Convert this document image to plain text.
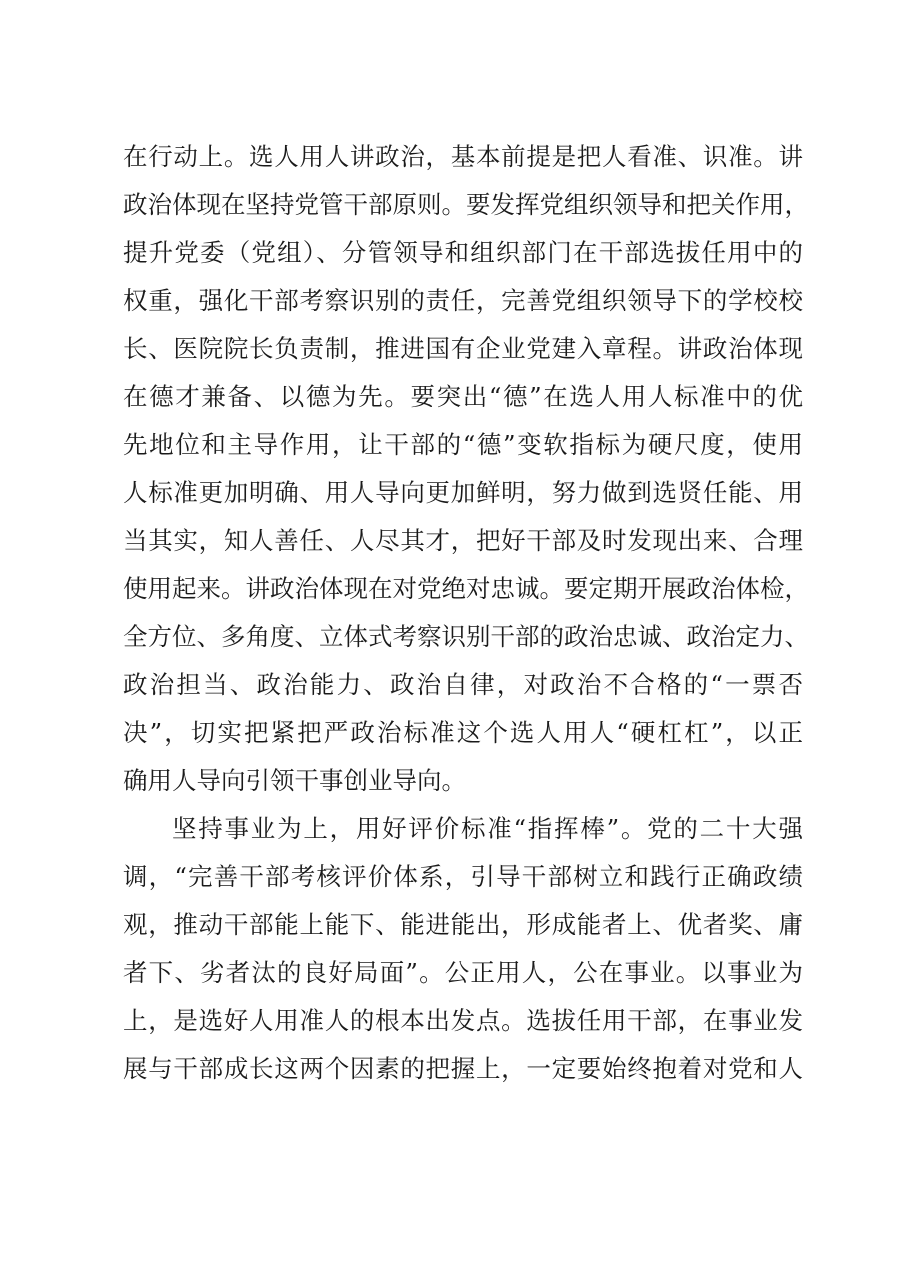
在行动上。选人用人讲政治，基本前提是把人看准、识准。讲
政治体现在坚持党管干部原则。要发挥党组织领导和把关作用，
提升党委（党组）、分管领导和组织部门在干部选拔任用中的
权重，强化干部考察识别的责任，完善党组织领导下的学校校
长、医院院长负责制，推进国有企业党建入章程。讲政治体现
在德才兼备、以德为先。要突出“德”在选人用人标准中的优
先地位和主导作用，让干部的“德”变软指标为硬尺度，使用
人标准更加明确、用人导向更加鲜明，努力做到选贤任能、用
当其实，知人善任、人尽其才，把好干部及时发现出来、合理
使用起来。讲政治体现在对党绝对忠诚。要定期开展政治体检，
全方位、多角度、立体式考察识别干部的政治忠诚、政治定力、
政治担当、政治能力、政治自律，对政治不合格的“一票否
决”，切实把紧把严政治标准这个选人用人“硬杠杠”，以正
确用人导向引领干事创业导向。
坚持事业为上，用好评价标准“指挥棒”。党的二十大强
调，“完善干部考核评价体系，引导干部树立和践行正确政绩
观，推动干部能上能下、能进能出，形成能者上、优者奖、庸
者下、劣者汰的良好局面”。公正用人，公在事业。以事业为
上，是选好人用准人的根本出发点。选拔任用干部，在事业发
展与干部成长这两个因素的把握上，一定要始终抱着对党和人
